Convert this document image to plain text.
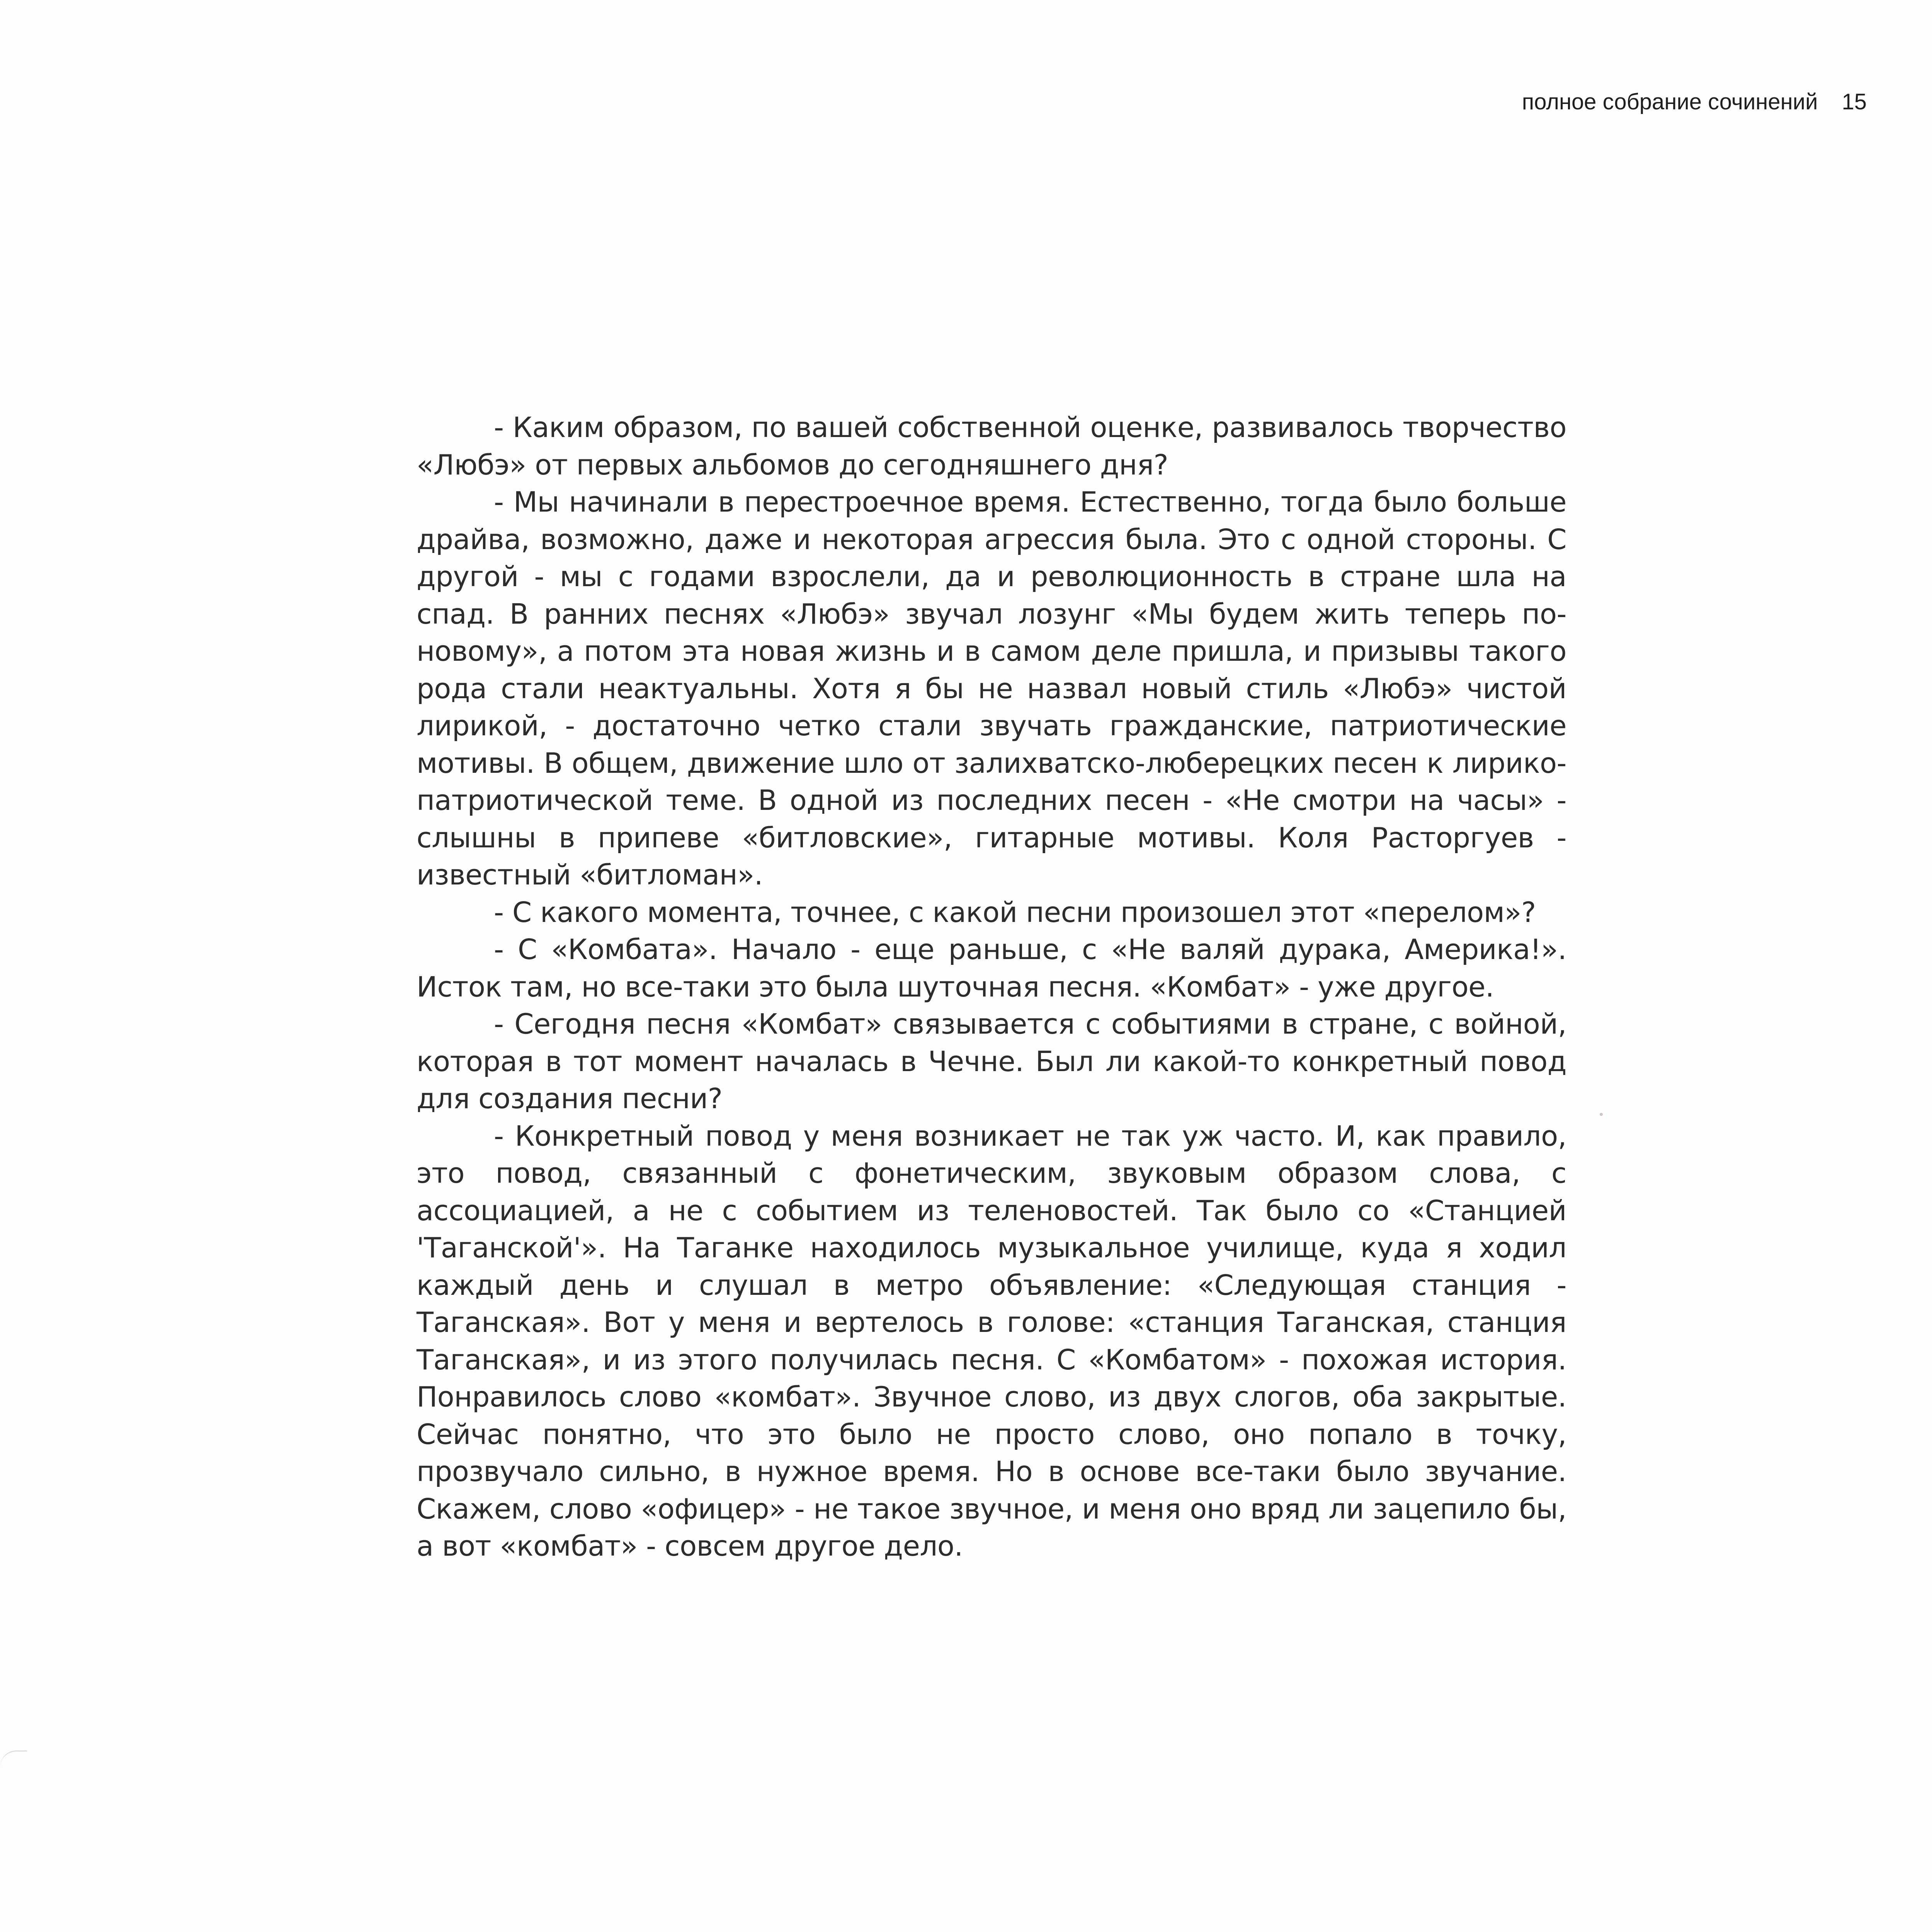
полное собрание сочинений 15

- Каким образом, по вашей собственной оценке, развивалось творчество «Любэ» от первых альбомов до сегодняшнего дня?

- Мы начинали в перестроечное время. Естественно, тогда было больше драйва, возможно, даже и некоторая агрессия была. Это с одной стороны. С другой - мы с годами взрослели, да и революционность в стране шла на спад. В ранних песнях «Любэ» звучал лозунг «Мы будем жить теперь по-новому», а потом эта новая жизнь и в самом деле пришла, и призывы такого рода стали неактуальны. Хотя я бы не назвал новый стиль «Любэ» чистой лирикой, - достаточно четко стали звучать гражданские, патриотические мотивы. В общем, движение шло от залихватско-люберецких песен к лирико-патриотической теме. В одной из последних песен - «Не смотри на часы» - слышны в припеве «битловские», гитарные мотивы. Коля Расторгуев - известный «битломан».

- С какого момента, точнее, с какой песни произошел этот «перелом»?

- С «Комбата». Начало - еще раньше, с «Не валяй дурака, Америка!». Исток там, но все-таки это была шуточная песня. «Комбат» - уже другое.

- Сегодня песня «Комбат» связывается с событиями в стране, с войной, которая в тот момент началась в Чечне. Был ли какой-то конкретный повод для создания песни?

- Конкретный повод у меня возникает не так уж часто. И, как правило, это повод, связанный с фонетическим, звуковым образом слова, с ассоциацией, а не с событием из теленовостей. Так было со «Станцией 'Таганской'». На Таганке находилось музыкальное училище, куда я ходил каждый день и слушал в метро объявление: «Следующая станция - Таганская». Вот у меня и вертелось в голове: «станция Таганская, станция Таганская», и из этого получилась песня. С «Комбатом» - похожая история. Понравилось слово «комбат». Звучное слово, из двух слогов, оба закрытые. Сейчас понятно, что это было не просто слово, оно попало в точку, прозвучало сильно, в нужное время. Но в основе все-таки было звучание. Скажем, слово «офицер» - не такое звучное, и меня оно вряд ли зацепило бы, а вот «комбат» - совсем другое дело.
